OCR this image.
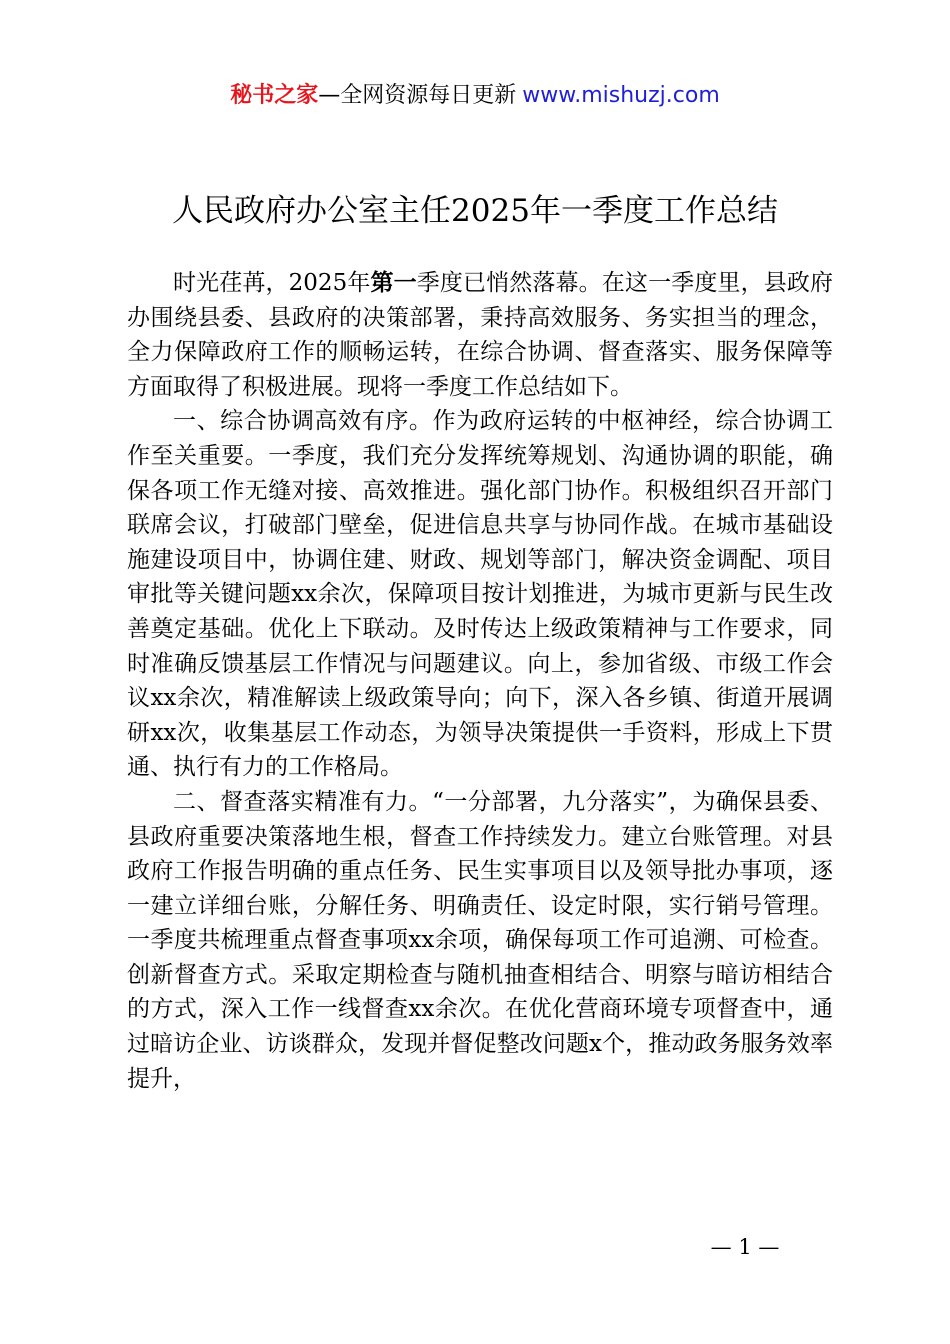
秘书之家—全网资源每日更新 www.mishuzj.com
人民政府办公室主任2025年一季度工作总结

时光荏苒，2025年第一季度已悄然落幕。在这一季度里，县政府办围绕县委、县政府的决策部署，秉持高效服务、务实担当的理念，全力保障政府工作的顺畅运转，在综合协调、督查落实、服务保障等方面取得了积极进展。现将一季度工作总结如下。

一、综合协调高效有序。作为政府运转的中枢神经，综合协调工作至关重要。一季度，我们充分发挥统筹规划、沟通协调的职能，确保各项工作无缝对接、高效推进。强化部门协作。积极组织召开部门联席会议，打破部门壁垒，促进信息共享与协同作战。在城市基础设施建设项目中，协调住建、财政、规划等部门，解决资金调配、项目审批等关键问题xx余次，保障项目按计划推进，为城市更新与民生改善奠定基础。优化上下联动。及时传达上级政策精神与工作要求，同时准确反馈基层工作情况与问题建议。向上，参加省级、市级工作会议xx余次，精准解读上级政策导向；向下，深入各乡镇、街道开展调研xx次，收集基层工作动态，为领导决策提供一手资料，形成上下贯通、执行有力的工作格局。

二、督查落实精准有力。“一分部署，九分落实”，为确保县委、县政府重要决策落地生根，督查工作持续发力。建立台账管理。对县政府工作报告明确的重点任务、民生实事项目以及领导批办事项，逐一建立详细台账，分解任务、明确责任、设定时限，实行销号管理。一季度共梳理重点督查事项xx余项，确保每项工作可追溯、可检查。创新督查方式。采取定期检查与随机抽查相结合、明察与暗访相结合的方式，深入工作一线督查xx余次。在优化营商环境专项督查中，通过暗访企业、访谈群众，发现并督促整改问题x个，推动政务服务效率提升，

— 1 —
